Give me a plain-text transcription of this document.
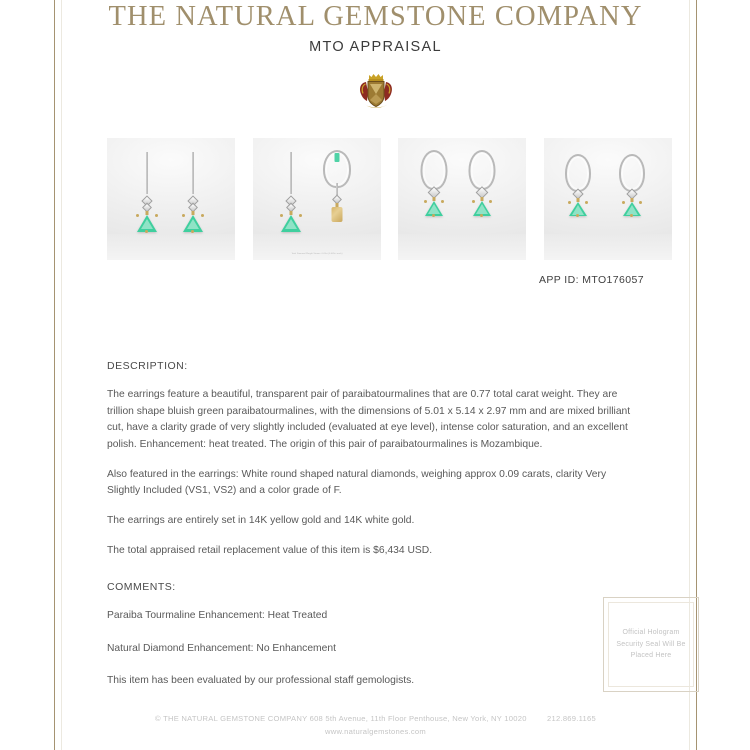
THE NATURAL GEMSTONE COMPANY
MTO APPRAISAL
Total Diamond Weight Stones: 0.09ct (0.045ct each)
APP ID: MTO176057
DESCRIPTION:
The earrings feature a beautiful, transparent pair of paraibatourmalines that are 0.77 total carat weight. They are trillion shape bluish green paraibatourmalines, with the dimensions of 5.01 x 5.14 x 2.97 mm and are mixed brilliant cut, have a clarity grade of very slightly included (evaluated at eye level), intense color saturation, and an excellent polish. Enhancement: heat treated. The origin of this pair of paraibatourmalines is Mozambique.
Also featured in the earrings: White round shaped natural diamonds, weighing approx 0.09 carats, clarity Very Slightly Included (VS1, VS2) and a color grade of F.
The earrings are entirely set in 14K yellow gold and 14K white gold.
The total appraised retail replacement value of this item is $6,434 USD.
COMMENTS:
Paraiba Tourmaline Enhancement: Heat Treated
Natural Diamond Enhancement: No Enhancement
This item has been evaluated by our professional staff gemologists.
Official Hologram Security Seal Will Be Placed Here
© THE NATURAL GEMSTONE COMPANY 608 5th Avenue, 11th Floor Penthouse, New York, NY 10020	212.869.1165
www.naturalgemstones.com
